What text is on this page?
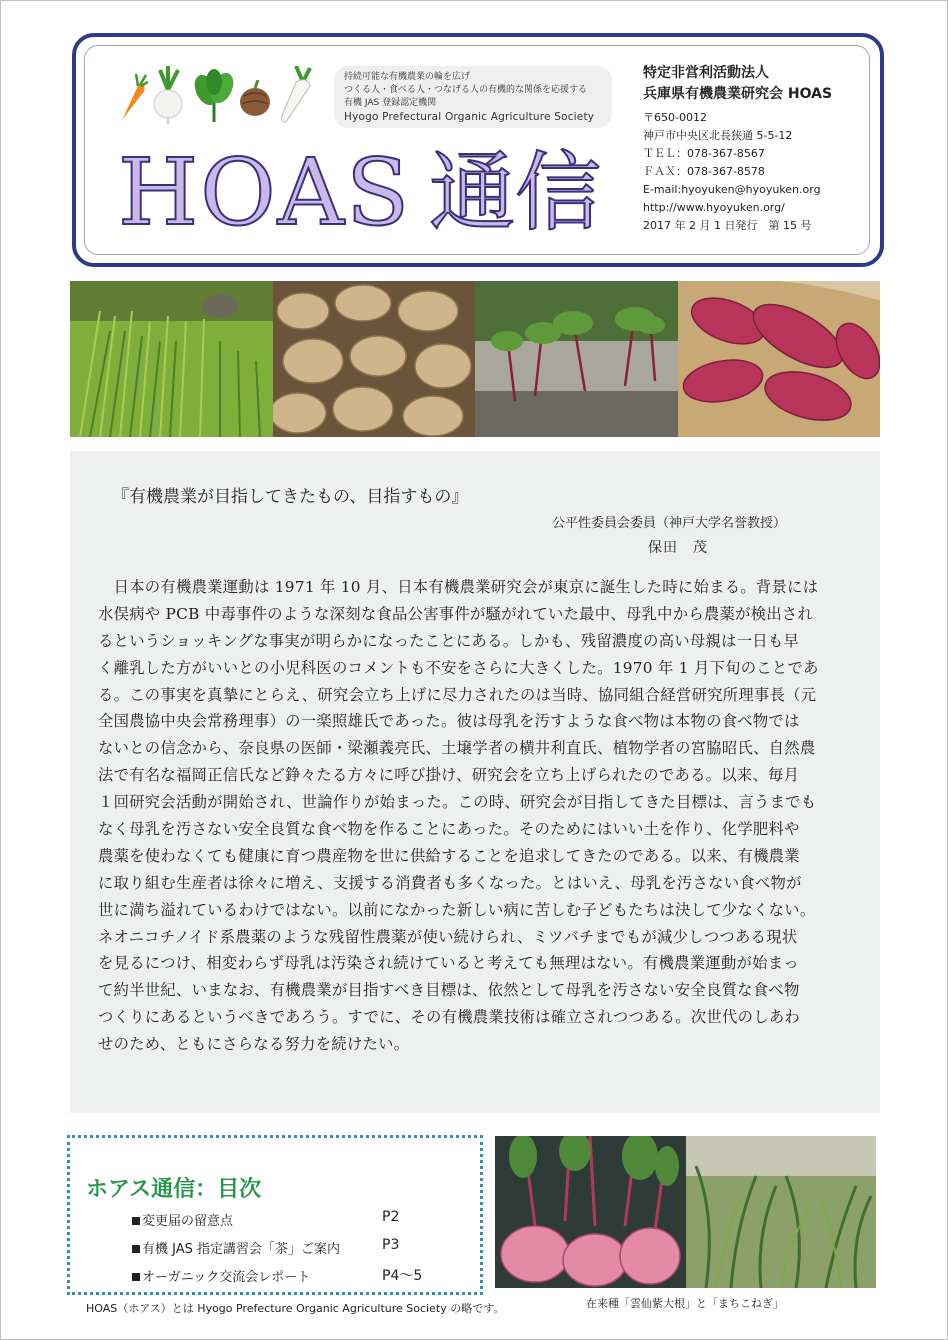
持続可能な有機農業の輪を広げ
つくる人・食べる人・つなげる人の有機的な関係を応援する
有機 JAS 登録認定機関
Hyogo Prefectural Organic Agriculture Society
HOAS 通信
特定非営利活動法人
兵庫県有機農業研究会 HOAS
〒650-0012
神戸市中央区北長狭通 5-5-12
ＴＥＬ：078-367-8567
ＦＡＸ：078-367-8578
E-mail:hyoyuken@hyoyuken.org
http://www.hyoyuken.org/
2017 年 2 月 1 日発行　第 15 号
『有機農業が目指してきたもの、目指すもの』
公平性委員会委員（神戸大学名誉教授）
保田　茂
　日本の有機農業運動は 1971 年 10 月、日本有機農業研究会が東京に誕生した時に始まる。背景には
水俣病や PCB 中毒事件のような深刻な食品公害事件が騒がれていた最中、母乳中から農薬が検出され
るというショッキングな事実が明らかになったことにある。しかも、残留濃度の高い母親は一日も早
く離乳した方がいいとの小児科医のコメントも不安をさらに大きくした。1970 年 1 月下旬のことであ
る。この事実を真摯にとらえ、研究会立ち上げに尽力されたのは当時、協同組合経営研究所理事長（元
全国農協中央会常務理事）の一楽照雄氏であった。彼は母乳を汚すような食べ物は本物の食べ物では
ないとの信念から、奈良県の医師・梁瀬義亮氏、土壌学者の横井利直氏、植物学者の宮脇昭氏、自然農
法で有名な福岡正信氏など錚々たる方々に呼び掛け、研究会を立ち上げられたのである。以来、毎月
１回研究会活動が開始され、世論作りが始まった。この時、研究会が目指してきた目標は、言うまでも
なく母乳を汚さない安全良質な食べ物を作ることにあった。そのためにはいい土を作り、化学肥料や
農薬を使わなくても健康に育つ農産物を世に供給することを追求してきたのである。以来、有機農業
に取り組む生産者は徐々に増え、支援する消費者も多くなった。とはいえ、母乳を汚さない食べ物が
世に満ち溢れているわけではない。以前になかった新しい病に苦しむ子どもたちは決して少なくない。
ネオニコチノイド系農薬のような残留性農薬が使い続けられ、ミツバチまでもが減少しつつある現状
を見るにつけ、相変わらず母乳は汚染され続けていると考えても無理はない。有機農業運動が始まっ
て約半世紀、いまなお、有機農業が目指すべき目標は、依然として母乳を汚さない安全良質な食べ物
つくりにあるというべきであろう。すでに、その有機農業技術は確立されつつある。次世代のしあわ
せのため、ともにさらなる努力を続けたい。
ホアス通信：目次
変更届の留意点	P2
有機 JAS 指定講習会「茶」ご案内	P3
オーガニック交流会レポート	P4～5
HOAS（ホアス）とは Hyogo Prefecture Organic Agriculture Society の略です。	在来種「雲仙紫大根」と「まちこねぎ」
